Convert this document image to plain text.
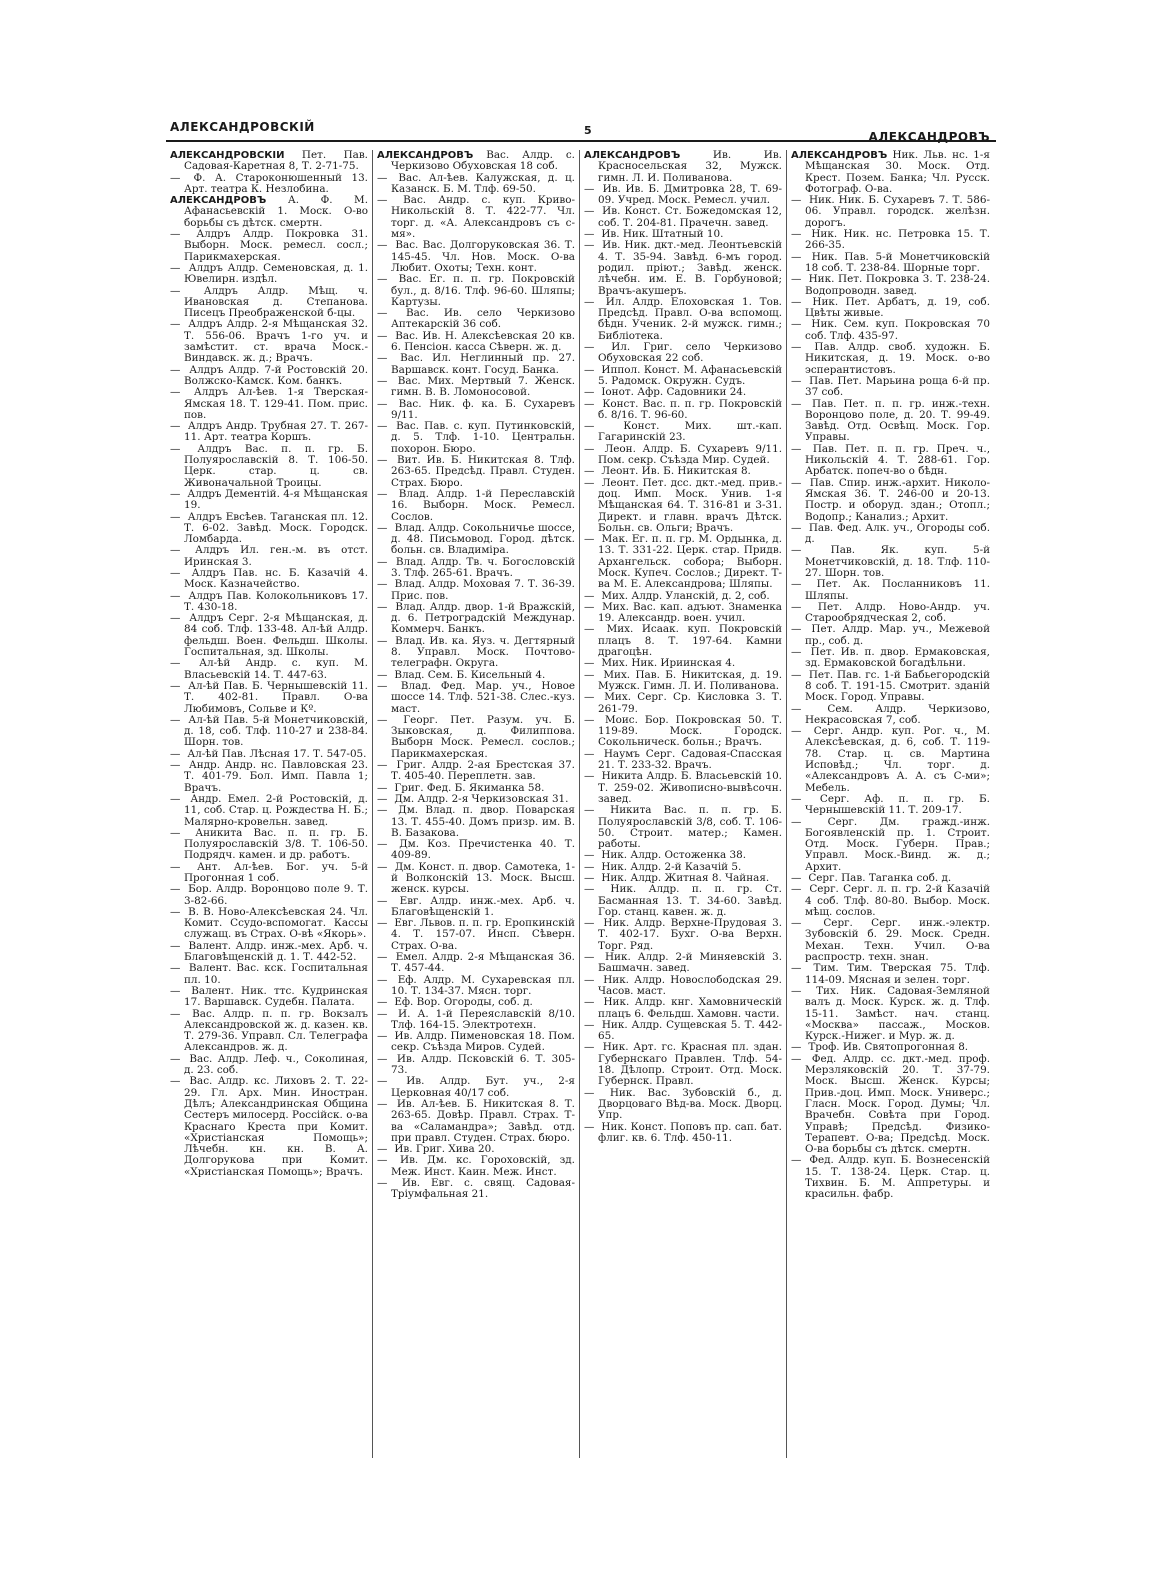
АЛЕКСАНДРОВСКІЙ	5	АЛЕКСАНДРОВЪ

АЛЕКСАНДРОВСКІЙ Пет. Пав. Садовая-Каретная 8, Т. 2-71-75.

— Ф. А. Староконюшенный 13. Арт. театра К. Незлобина.

АЛЕКСАНДРОВЪ А. Ф. М. Афанасьевскій 1. Моск. О-во борьбы съ дѣтск. смертн.

— Алдръ Алдр. Покровка 31. Выборн. Моск. ремесл. сосл.; Парикмахерская.

— Алдръ Алдр. Семеновская, д. 1. Ювелирн. издѣл.

— Алдръ Алдр. Мѣщ. ч. Ивановская д. Степанова. Писецъ Преображенской б-цы.

— Алдръ Алдр. 2-я Мѣщанская 32. Т. 556-06. Врачъ 1-го уч. и замѣстит. ст. врача Моск.-Виндавск. ж. д.; Врачъ.

— Алдръ Алдр. 7-й Ростовскій 20. Волжско-Камск. Ком. банкъ.

— Алдръ Ал-ѣев. 1-я Тверская-Ямская 18. Т. 129-41. Пом. прис. пов.

— Алдръ Андр. Трубная 27. Т. 267-11. Арт. театра Коршъ.

— Алдръ Вас. п. п. гр. Б. Полуярославскій 8. Т. 106-50. Церк. стар. ц. св. Живоначальной Троицы.

— Алдръ Дементій. 4-я Мѣщанская 19.

— Алдръ Евсѣев. Таганская пл. 12. Т. 6-02. Завѣд. Моск. Городск. Ломбарда.

— Алдръ Ил. ген.-м. въ отст. Иринская 3.

— Алдръ Пав. нс. Б. Казачій 4. Моск. Казначейство.

— Алдръ Пав. Колокольниковъ 17. Т. 430-18.

— Алдръ Серг. 2-я Мѣщанская, д. 84 соб. Тлф. 133-48. Ал-ѣй Алдр. фельдш. Воен. Фельдш. Школы. Госпитальная, зд. Школы.

— Ал-ѣй Андр. с. куп. М. Власьевскій 14. Т. 447-63.

— Ал-ѣй Пав. Б. Чернышевскій 11. Т. 402-81. Правл. О-ва Любимовъ, Сольве и Кº.

— Ал-ѣй Пав. 5-й Монетчиковскій, д. 18, соб. Тлф. 110-27 и 238-84. Шорн. тов.

— Ал-ѣй Пав. Лѣсная 17. Т. 547-05.

— Андр. Андр. нс. Павловская 23. Т. 401-79. Бол. Имп. Павла 1; Врачъ.

— Андр. Емел. 2-й Ростовскій, д. 11, соб. Стар. ц. Рождества Н. Б.; Малярно-кровельн. завед.

— Аникита Вас. п. п. гр. Б. Полуярославскій 3/8. Т. 106-50. Подрядч. камен. и др. работъ.

— Ант. Ал-ѣев. Бог. уч. 5-й Прогонная 1 соб.

— Бор. Алдр. Воронцово поле 9. Т. 3-82-66.

— В. В. Ново-Алексѣевская 24. Чл. Комит. Ссудо-вспомогат. Кассы служащ. въ Страх. О-вѣ «Якорь».

— Валент. Алдр. инж.-мех. Арб. ч. Благовѣщенскій д. 1. Т. 442-52.

— Валент. Вас. кск. Госпитальная пл. 10.

— Валент. Ник. ттс. Кудринская 17. Варшавск. Судебн. Палата.

— Вас. Алдр. п. п. гр. Вокзалъ Александровской ж. д. казен. кв. Т. 279-36. Управл. Сл. Телеграфа Александров. ж. д.

— Вас. Алдр. Леф. ч., Соколиная, д. 23. соб.

— Вас. Алдр. кс. Лиховъ 2. Т. 22-29. Гл. Арх. Мин. Иностран. Дѣлъ; Александринская Община Сестеръ милосерд. Россійск. о-ва Краснаго Креста при Комит. «Христіанская Помощь»; Лѣчебн. кн. кн. В. А. Долгорукова при Комит. «Христіанская Помощь»; Врачъ.

АЛЕКСАНДРОВЪ Вас. Алдр. с. Черкизово Обуховская 18 соб.

— Вас. Ал-ѣев. Калужская, д. ц. Казанск. Б. М. Тлф. 69-50.

— Вас. Андр. с. куп. Криво-Никольскій 8. Т. 422-77. Чл. торг. д. «А. Александровъ съ с-мя».

— Вас. Вас. Долгоруковская 36. Т. 145-45. Чл. Нов. Моск. О-ва Любит. Охоты; Техн. конт.

— Вас. Ег. п. п. гр. Покровскій бул., д. 8/16. Тлф. 96-60. Шляпы; Картузы.

— Вас. Ив. село Черкизово Аптекарскій 36 соб.

— Вас. Ив. Н. Алексѣевская 20 кв. 6. Пенсіон. касса Сѣверн. ж. д.

— Вас. Ил. Неглинный пр. 27. Варшавск. конт. Госуд. Банка.

— Вас. Мих. Мертвый 7. Женск. гимн. В. В. Ломоносовой.

— Вас. Ник. ф. ка. Б. Сухаревъ 9/11.

— Вас. Пав. с. куп. Путинковскій, д. 5. Тлф. 1-10. Центральн. похорон. Бюро.

— Вит. Ив. Б. Никитская 8. Тлф. 263-65. Предсѣд. Правл. Студен. Страх. Бюро.

— Влад. Алдр. 1-й Переславскій 16. Выборн. Моск. Ремесл. Сослов.

— Влад. Алдр. Сокольничье шоссе, д. 48. Письмовод. Город. дѣтск. больн. св. Владиміра.

— Влад. Алдр. Тв. ч. Богословскій 3. Тлф. 265-61. Врачъ.

— Влад. Алдр. Моховая 7. Т. 36-39. Прис. пов.

— Влад. Алдр. двор. 1-й Вражскій, д. 6. Петроградскій Междунар. Коммерч. Банкъ.

— Влад. Ив. ка. Яуз. ч. Дегтярный 8. Управл. Моск. Почтово-телеграфн. Округа.

— Влад. Сем. Б. Кисельный 4.

— Влад. Фед. Мар. уч., Новое шоссе 14. Тлф. 521-38. Слес.-куз. маст.

— Георг. Пет. Разум. уч. Б. Зыковская, д. Филиппова. Выборн Моск. Ремесл. сослов.; Парикмахерская.

— Григ. Алдр. 2-ая Брестская 37. Т. 405-40. Переплетн. зав.

— Григ. Фед. Б. Якиманка 58.

— Дм. Алдр. 2-я Черкизовская 31.

— Дм. Влад. п. двор. Поварская 13. Т. 455-40. Домъ призр. им. В. В. Базакова.

— Дм. Коз. Пречистенка 40. Т. 409-89.

— Дм. Конст. п. двор. Самотека, 1-й Волконскій 13. Моск. Высш. женск. курсы.

— Евг. Алдр. инж.-мех. Арб. ч. Благовѣщенскій 1.

— Евг. Львов. п. п. гр. Еропкинскій 4. Т. 157-07. Инсп. Сѣверн. Страх. О-ва.

— Емел. Алдр. 2-я Мѣщанская 36. Т. 457-44.

— Еф. Алдр. М. Сухаревская пл. 10. Т. 134-37. Мясн. торг.

— Еф. Вор. Огороды, соб. д.

— И. А. 1-й Переяславскій 8/10. Тлф. 164-15. Электротехн.

— Ив. Алдр. Пименовская 18. Пом. секр. Съѣзда Миров. Судей.

— Ив. Алдр. Псковскій 6. Т. 305-73.

— Ив. Алдр. Бут. уч., 2-я Церковная 40/17 соб.

— Ив. Ал-ѣев. Б. Никитская 8. Т. 263-65. Довѣр. Правл. Страх. Т-ва «Саламандра»; Завѣд. отд. при правл. Студен. Страх. бюро.

— Ив. Григ. Хива 20.

— Ив. Дм. кс. Гороховскій, зд. Меж. Инст. Каин. Меж. Инст.

— Ив. Евг. с. свящ. Садовая-Тріумфальная 21.

АЛЕКСАНДРОВЪ	Ив. Ив. Красносельская 32, Мужск. гимн. Л. И. Поливанова.

— Ив. Ив. Б. Дмитровка 28, Т. 69-09. Учред. Моск. Ремесл. учил.

— Ив. Конст. Ст. Божедомская 12, соб. Т. 204-81. Прачечн. завед.

— Ив. Ник. Штатный 10.

— Ив. Ник. дкт.-мед. Леонтьевскій 4. Т. 35-94. Завѣд. 6-мъ город. родил. пріют.; Завѣд. женск. лѣчебн. им. Е. В. Горбуновой; Врачъ-акушеръ.

— Ил. Алдр. Елоховская 1. Тов. Предсѣд. Правл. О-ва вспомощ. бѣдн. Ученик. 2-й мужск. гимн.; Библіотека.

— Ил. Григ. село Черкизово Обуховская 22 соб.

— Иппол. Конст. М. Афанасьевскій 5. Радомск. Окружн. Судъ.

— Іонот. Афр. Садовники 24.

— Конст. Вас. п. п. гр. Покровскій б. 8/16. Т. 96-60.

—	Конст. Мих. шт.-кап. Гагаринскій 23.

— Леон. Алдр. Б. Сухаревъ 9/11. Пом. секр. Съѣзда Мир. Судей.

— Леонт. Ив. Б. Никитская 8.

— Леонт. Пет. дсс. дкт.-мед. прив.-доц. Имп. Моск. Унив. 1-я Мѣщанская 64. Т. 316-81 и 3-31. Директ. и главн. врачъ Дѣтск. Больн. св. Ольги; Врачъ.

— Мак. Ег. п. п. гр. М. Ордынка, д. 13. Т. 331-22. Церк. стар. Придв. Архангельск. собора; Выборн. Моск. Купеч. Сослов.; Директ. Т-ва М. Е. Александрова; Шляпы.

— Мих. Алдр. Уланскій, д. 2, соб.

— Мих. Вас. кап. адъют. Знаменка 19. Александр. воен. учил.

— Мих. Исаак. куп. Покровскій плацъ 8. Т. 197-64. Камни драгоцѣн.

— Мих. Ник. Ириинская 4.

— Мих. Пав. Б. Никитская, д. 19. Мужск. Гимн. Л. И. Поливанова.

— Мих. Серг. Ср. Кисловка 3. Т. 261-79.

— Моис. Бор. Покровская 50. Т. 119-89. Моск. Городск. Сокольническ. больн.; Врачъ.

— Наумъ Серг. Садовая-Спасская 21. Т. 233-32. Врачъ.

— Никита Алдр. Б. Власьевскій 10. Т. 259-02. Живописно-вывѣсочн. завед.

— Никита Вас. п. п. гр. Б. Полуярославскій 3/8, соб. Т. 106-50. Строит. матер.; Камен. работы.

— Ник. Алдр. Остоженка 38.

— Ник. Алдр. 2-й Казачій 5.

— Ник. Алдр. Житная 8. Чайная.

— Ник. Алдр. п. п. гр. Ст. Басманная 13. Т. 34-60. Завѣд. Гор. станц. кавен. ж. д.

— Ник. Алдр. Верхне-Прудовая 3. Т. 402-17. Бухг. О-ва Верхн. Торг. Ряд.

— Ник. Алдр. 2-й Миняевскій 3. Башмачн. завед.

— Ник. Алдр. Новослободская 29. Часов. маст.

— Ник. Алдр. кнг. Хамовническій плацъ 6. Фельдш. Хамовн. части.

— Ник. Алдр. Сущевская 5. Т. 442-65.

— Ник. Арт. гс. Красная пл. здан. Губернскаго Правлен. Тлф. 54-18. Дѣлопр. Строит. Отд. Моск. Губернск. Правл.

— Ник. Вас. Зубовскій б., д. Дворцоваго Вѣд-ва. Моск. Дворц. Упр.

— Ник. Конст. Поповъ пр. сап. бат. флиг. кв. 6. Тлф. 450-11.

АЛЕКСАНДРОВЪ Ник. Льв. нс. 1-я Мѣщанская 30. Моск. Отд. Крест. Позем. Банка; Чл. Русск. Фотограф. О-ва.

— Ник. Ник. Б. Сухаревъ 7. Т. 586-06. Управл. городск. желѣзн. дорогъ.

— Ник. Ник. нс. Петровка 15. Т. 266-35.

— Ник. Пав. 5-й Монетчиковскій 18 соб. Т. 238-84. Шорные торг.

— Ник. Пет. Покровка 3. Т. 238-24. Водопроводн. завед.

— Ник. Пет. Арбатъ, д. 19, соб. Цвѣты живые.

— Ник. Сем. куп. Покровская 70 соб. Тлф. 435-97.

— Пав. Алдр. своб. художн. Б. Никитская, д. 19. Моск. о-во эсперантистовъ.

— Пав. Пет. Марьина роща 6-й пр. 37 соб.

— Пав. Пет. п. п. гр. инж.-техн. Воронцово поле, д. 20. Т. 99-49. Завѣд. Отд. Освѣщ. Моск. Гор. Управы.

— Пав. Пет. п. п. гр. Преч. ч., Никольскій 4. Т. 288-61. Гор. Арбатск. попеч-во о бѣдн.

— Пав. Спир. инж.-архит. Николо-Ямская 36. Т. 246-00 и 20-13. Постр. и оборуд. здан.; Отопл.; Водопр.; Канализ.; Архит.

— Пав. Фед. Алк. уч., Огороды соб. д.

—	Пав. Як. куп. 5-й Монетчиковскій, д. 18. Тлф. 110-27. Шорн. тов.

— Пет. Ак. Посланниковъ 11. Шляпы.

— Пет. Алдр. Ново-Андр. уч. Старообрядческая 2, соб.

— Пет. Алдр. Мар. уч., Межевой пр., соб. д.

— Пет. Ив. п. двор. Ермаковская, зд. Ермаковской богадѣльни.

— Пет. Пав. гс. 1-й Бабьегородскій 8 соб. Т. 191-15. Смотрит. зданій Моск. Город. Управы.

— Сем. Алдр. Черкизово, Некрасовская 7, соб.

— Серг. Андр. куп. Рог. ч., М. Алексѣевская, д. 6, соб. Т. 119-78. Стар. ц. св. Мартина Исповѣд.; Чл. торг. д. «Александровъ А. А. съ С-ми»; Мебель.

— Серг. Аф. п. п. гр. Б. Чернышевскій 11. Т. 209-17.

—	Серг. Дм. гражд.-инж. Богоявленскій пр. 1. Строит. Отд. Моск. Губерн. Прав.; Управл. Моск.-Винд. ж. д.; Архит.

— Серг. Пав. Таганка соб. д.

— Серг. Серг. л. п. гр. 2-й Казачій 4 соб. Тлф. 80-80. Выбор. Моск. мѣщ. сослов.

— Серг. Серг. инж.-электр. Зубовскій б. 29. Моск. Средн. Механ. Техн. Учил. О-ва распростр. техн. знан.

— Тим. Тим. Тверская 75. Тлф. 114-09. Мясная и зелен. торг.

— Тих. Ник. Садовая-Земляной валъ д. Моск. Курск. ж. д. Тлф. 15-11. Замѣст. нач. станц. «Москва» пассаж., Москов. Курск.-Нижег. и Мур. ж. д.

— Троф. Ив. Святопрогонная 8.

— Фед. Алдр. сс. дкт.-мед. проф. Мерзляковскій 20. Т. 37-79. Моск. Высш. Женск. Курсы; Прив.-доц. Имп. Моск. Универс.; Гласн. Моск. Город. Думы; Чл. Врачебн. Совѣта при Город. Управѣ; Предсѣд. Физико-Терапевт. О-ва; Предсѣд. Моск. О-ва борьбы съ дѣтск. смертн.

— Фед. Алдр. куп. Б. Вознесенскій 15. Т. 138-24. Церк. Стар. ц. Тихвин. Б. М. Аппретуры. и красильн. фабр.
